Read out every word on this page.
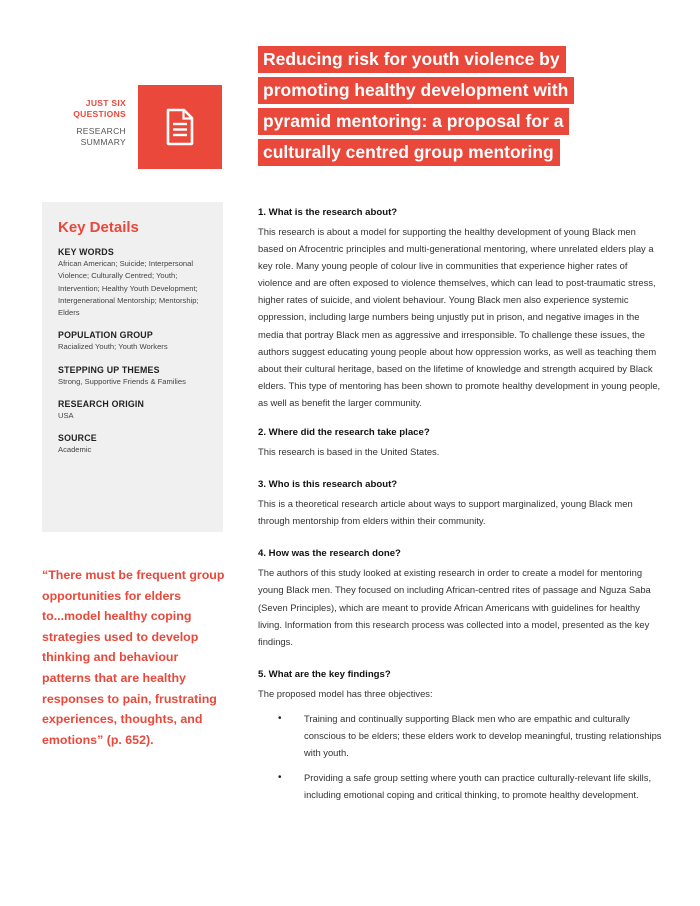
JUST SIX QUESTIONS
RESEARCH SUMMARY
Reducing risk for youth violence by promoting healthy development with pyramid mentoring: a proposal for a culturally centred group mentoring
Key Details
KEY WORDS
African American; Suicide; Interpersonal Violence; Culturally Centred; Youth; Intervention; Healthy Youth Development; Intergenerational Mentorship; Mentorship; Elders
POPULATION GROUP
Racialized Youth; Youth Workers
STEPPING UP THEMES
Strong, Supportive Friends & Families
RESEARCH ORIGIN
USA
SOURCE
Academic
“There must be frequent group opportunities for elders to...model healthy coping strategies used to develop thinking and behaviour patterns that are healthy responses to pain, frustrating experiences, thoughts, and emotions” (p. 652).
1. What is the research about?
This research is about a model for supporting the healthy development of young Black men based on Afrocentric principles and multi-generational mentoring, where unrelated elders play a key role. Many young people of colour live in communities that experience higher rates of violence and are often exposed to violence themselves, which can lead to post-traumatic stress, higher rates of suicide, and violent behaviour. Young Black men also experience systemic oppression, including large numbers being unjustly put in prison, and negative images in the media that portray Black men as aggressive and irresponsible. To challenge these issues, the authors suggest educating young people about how oppression works, as well as teaching them about their cultural heritage, based on the lifetime of knowledge and strength acquired by Black elders. This type of mentoring has been shown to promote healthy development in young people, as well as benefit the larger community.
2. Where did the research take place?
This research is based in the United States.
3. Who is this research about?
This is a theoretical research article about ways to support marginalized, young Black men through mentorship from elders within their community.
4. How was the research done?
The authors of this study looked at existing research in order to create a model for mentoring young Black men. They focused on including African-centred rites of passage and Nguza Saba (Seven Principles), which are meant to provide African Americans with guidelines for healthy living. Information from this research process was collected into a model, presented as the key findings.
5. What are the key findings?
The proposed model has three objectives:
• Training and continually supporting Black men who are empathic and culturally conscious to be elders; these elders work to develop meaningful, trusting relationships with youth.
• Providing a safe group setting where youth can practice culturally-relevant life skills, including emotional coping and critical thinking, to promote healthy development.
